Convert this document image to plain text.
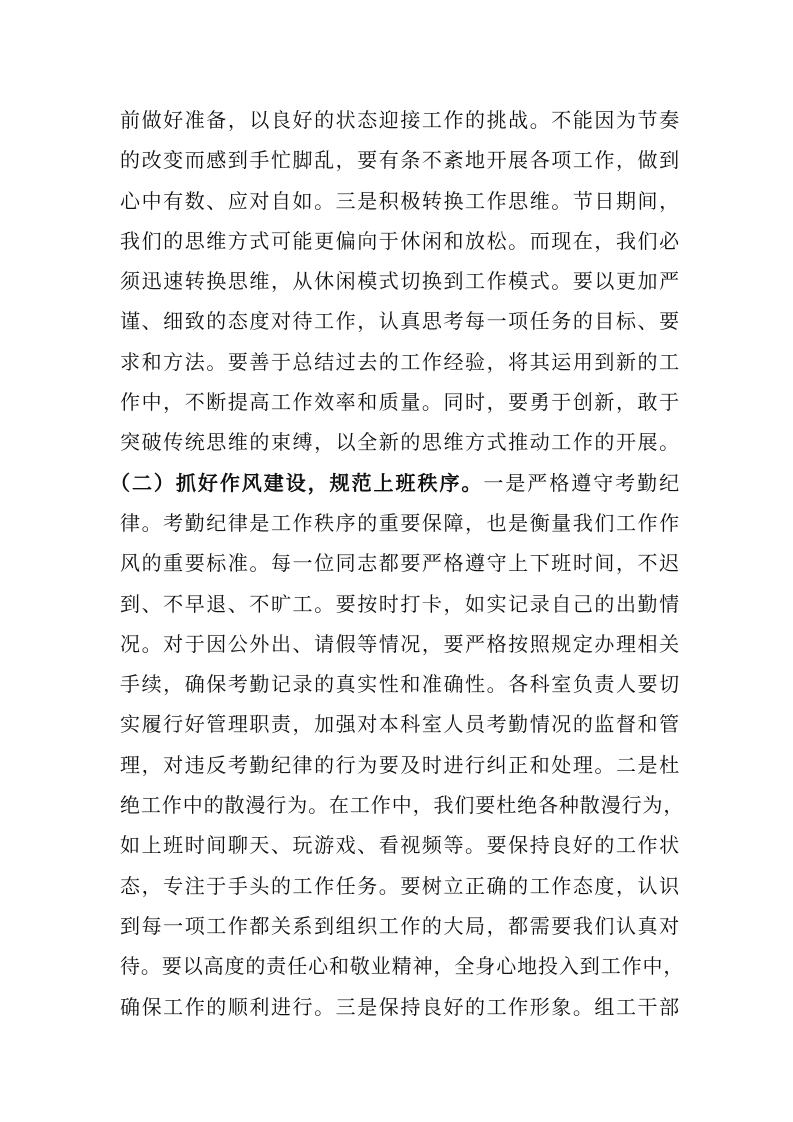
前做好准备，以良好的状态迎接工作的挑战。不能因为节奏
的改变而感到手忙脚乱，要有条不紊地开展各项工作，做到
心中有数、应对自如。三是积极转换工作思维。节日期间，
我们的思维方式可能更偏向于休闲和放松。而现在，我们必
须迅速转换思维，从休闲模式切换到工作模式。要以更加严
谨、细致的态度对待工作，认真思考每一项任务的目标、要
求和方法。要善于总结过去的工作经验，将其运用到新的工
作中，不断提高工作效率和质量。同时，要勇于创新，敢于
突破传统思维的束缚，以全新的思维方式推动工作的开展。
（二）抓好作风建设，规范上班秩序。一是严格遵守考勤纪
律。考勤纪律是工作秩序的重要保障，也是衡量我们工作作
风的重要标准。每一位同志都要严格遵守上下班时间，不迟
到、不早退、不旷工。要按时打卡，如实记录自己的出勤情
况。对于因公外出、请假等情况，要严格按照规定办理相关
手续，确保考勤记录的真实性和准确性。各科室负责人要切
实履行好管理职责，加强对本科室人员考勤情况的监督和管
理，对违反考勤纪律的行为要及时进行纠正和处理。二是杜
绝工作中的散漫行为。在工作中，我们要杜绝各种散漫行为，
如上班时间聊天、玩游戏、看视频等。要保持良好的工作状
态，专注于手头的工作任务。要树立正确的工作态度，认识
到每一项工作都关系到组织工作的大局，都需要我们认真对
待。要以高度的责任心和敬业精神，全身心地投入到工作中，
确保工作的顺利进行。三是保持良好的工作形象。组工干部
